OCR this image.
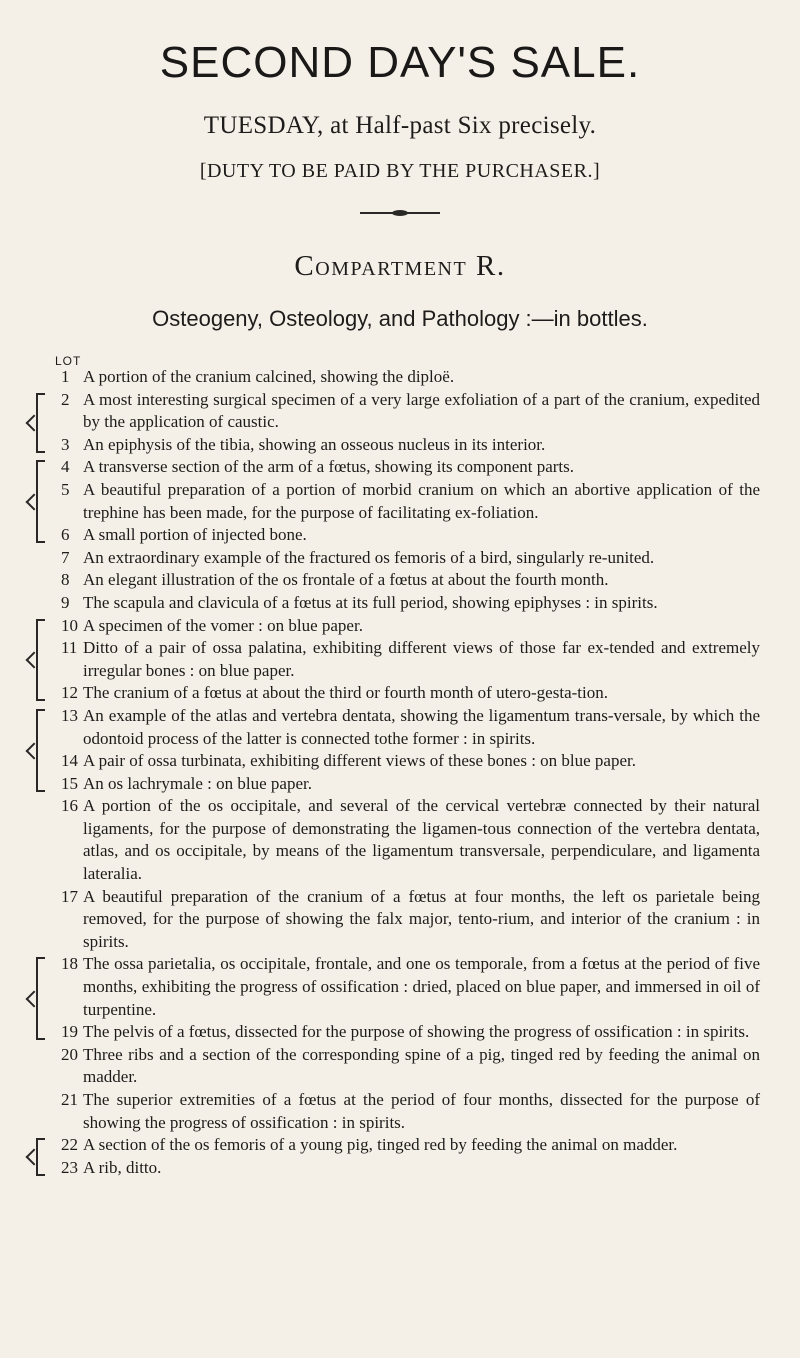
SECOND DAY'S SALE.
TUESDAY, at Half-past Six precisely.
[DUTY TO BE PAID BY THE PURCHASER.]
Compartment R.
Osteogeny, Osteology, and Pathology :—in bottles.
LOT
1 A portion of the cranium calcined, showing the diploë.
2 A most interesting surgical specimen of a very large exfoliation of a part of the cranium, expedited by the application of caustic.
3 An epiphysis of the tibia, showing an osseous nucleus in its interior.
4 A transverse section of the arm of a fœtus, showing its component parts.
5 A beautiful preparation of a portion of morbid cranium on which an abortive application of the trephine has been made, for the purpose of facilitating ex-foliation.
6 A small portion of injected bone.
7 An extraordinary example of the fractured os femoris of a bird, singularly re-united.
8 An elegant illustration of the os frontale of a fœtus at about the fourth month.
9 The scapula and clavicula of a fœtus at its full period, showing epiphyses : in spirits.
10 A specimen of the vomer : on blue paper.
11 Ditto of a pair of ossa palatina, exhibiting different views of those far ex-tended and extremely irregular bones : on blue paper.
12 The cranium of a fœtus at about the third or fourth month of utero-gesta-tion.
13 An example of the atlas and vertebra dentata, showing the ligamentum trans-versale, by which the odontoid process of the latter is connected tothe former : in spirits.
14 A pair of ossa turbinata, exhibiting different views of these bones : on blue paper.
15 An os lachrymale : on blue paper.
16 A portion of the os occipitale, and several of the cervical vertebræ connected by their natural ligaments, for the purpose of demonstrating the ligamen-tous connection of the vertebra dentata, atlas, and os occipitale, by means of the ligamentum transversale, perpendiculare, and ligamenta lateralia.
17 A beautiful preparation of the cranium of a fœtus at four months, the left os parietale being removed, for the purpose of showing the falx major, tento-rium, and interior of the cranium : in spirits.
18 The ossa parietalia, os occipitale, frontale, and one os temporale, from a fœtus at the period of five months, exhibiting the progress of ossification : dried, placed on blue paper, and immersed in oil of turpentine.
19 The pelvis of a fœtus, dissected for the purpose of showing the progress of ossification : in spirits.
20 Three ribs and a section of the corresponding spine of a pig, tinged red by feeding the animal on madder.
21 The superior extremities of a fœtus at the period of four months, dissected for the purpose of showing the progress of ossification : in spirits.
22 A section of the os femoris of a young pig, tinged red by feeding the animal on madder.
23 A rib, ditto.
